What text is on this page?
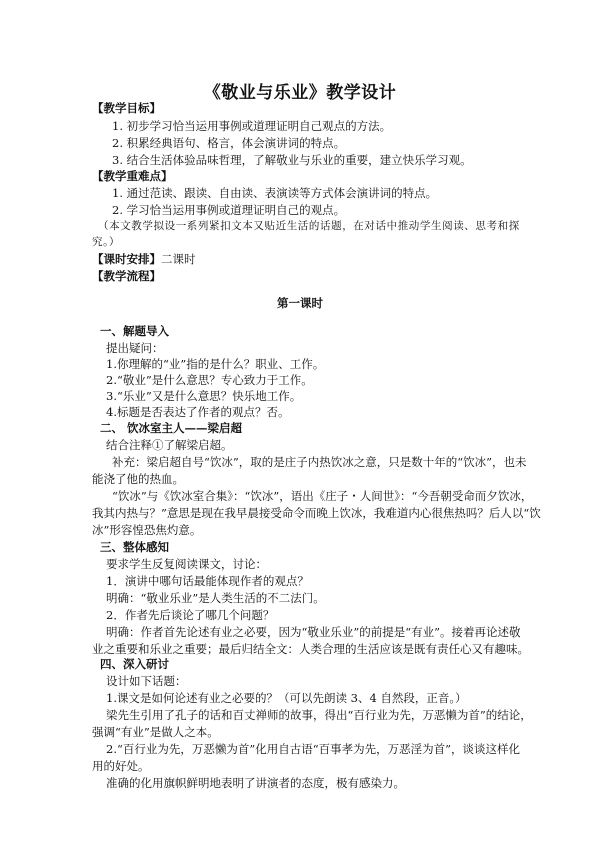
《敬业与乐业》教学设计
【教学目标】
1. 初步学习恰当运用事例或道理证明自己观点的方法。
2. 积累经典语句、格言，体会演讲词的特点。
3. 结合生活体验品味哲理，了解敬业与乐业的重要，建立快乐学习观。
【教学重难点】
1. 通过范读、跟读、自由读、表演读等方式体会演讲词的特点。
2. 学习恰当运用事例或道理证明自己的观点。
（本文教学拟设一系列紧扣文本又贴近生活的话题，在对话中推动学生阅读、思考和探
究。）
【课时安排】二课时
【教学流程】
第一课时
一、解题导入
提出疑问：
1.你理解的“业”指的是什么？职业、工作。
2.“敬业”是什么意思？专心致力于工作。
3.“乐业”又是什么意思？快乐地工作。
4.标题是否表达了作者的观点？否。
二、 饮冰室主人——梁启超
结合注释①了解梁启超。
补充：梁启超自号“饮冰”，取的是庄子内热饮冰之意，只是数十年的“饮冰”，也未
能浇了他的热血。
“饮冰”与《饮冰室合集》：“饮冰”，语出《庄子・人间世》：“今吾朝受命而夕饮冰，
我其内热与？”意思是现在我早晨接受命令而晚上饮冰，我难道内心很焦热吗？后人以“饮
冰”形容惶恐焦灼意。
三、整体感知
要求学生反复阅读课文，讨论：
1．演讲中哪句话最能体现作者的观点？
明确：“敬业乐业”是人类生活的不二法门。
2．作者先后谈论了哪几个问题？
明确：作者首先论述有业之必要，因为“敬业乐业”的前提是“有业”。接着再论述敬
业之重要和乐业之重要；最后归结全文：人类合理的生活应该是既有责任心又有趣味。
四、深入研讨
设计如下话题：
1.课文是如何论述有业之必要的？（可以先朗读 3、4 自然段，正音。）
梁先生引用了孔子的话和百丈禅师的故事，得出“百行业为先，万恶懒为首”的结论，
强调“有业”是做人之本。
2.“百行业为先，万恶懒为首”化用自古语“百事孝为先，万恶淫为首”，谈谈这样化
用的好处。
准确的化用旗帜鲜明地表明了讲演者的态度，极有感染力。
